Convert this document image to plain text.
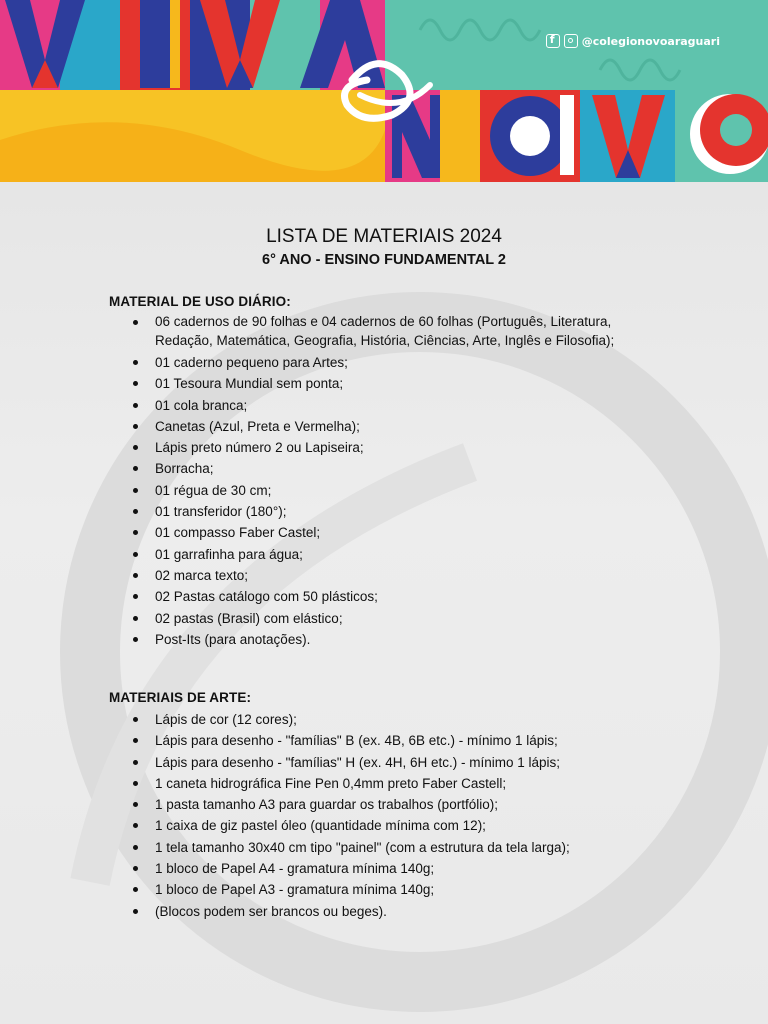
f
@colegionovoaraguari
LISTA DE MATERIAIS 2024
6° ANO - ENSINO FUNDAMENTAL 2
MATERIAL DE USO DIÁRIO:
06 cadernos de 90 folhas e 04 cadernos de 60 folhas (Português, Literatura, Redação, Matemática, Geografia, História, Ciências, Arte, Inglês e Filosofia);
01 caderno pequeno para Artes;
01 Tesoura Mundial sem ponta;
01 cola branca;
Canetas (Azul, Preta e Vermelha);
Lápis preto número 2 ou Lapiseira;
Borracha;
01 régua de 30 cm;
01 transferidor (180°);
01 compasso Faber Castel;
01 garrafinha para água;
02 marca texto;
02 Pastas catálogo com 50 plásticos;
02 pastas (Brasil) com elástico;
Post-Its (para anotações).
MATERIAIS DE ARTE:
Lápis de cor (12 cores);
Lápis para desenho - "famílias" B (ex. 4B, 6B etc.) - mínimo 1 lápis;
Lápis para desenho - "famílias" H (ex. 4H, 6H etc.) - mínimo 1 lápis;
1 caneta hidrográfica Fine Pen 0,4mm preto Faber Castell;
1 pasta tamanho A3 para guardar os trabalhos (portfólio);
1 caixa de giz pastel óleo (quantidade mínima com 12);
1 tela tamanho 30x40 cm tipo "painel" (com a estrutura da tela larga);
1 bloco de Papel A4 - gramatura mínima 140g;
1 bloco de Papel A3 - gramatura mínima 140g;
(Blocos podem ser brancos ou beges).
